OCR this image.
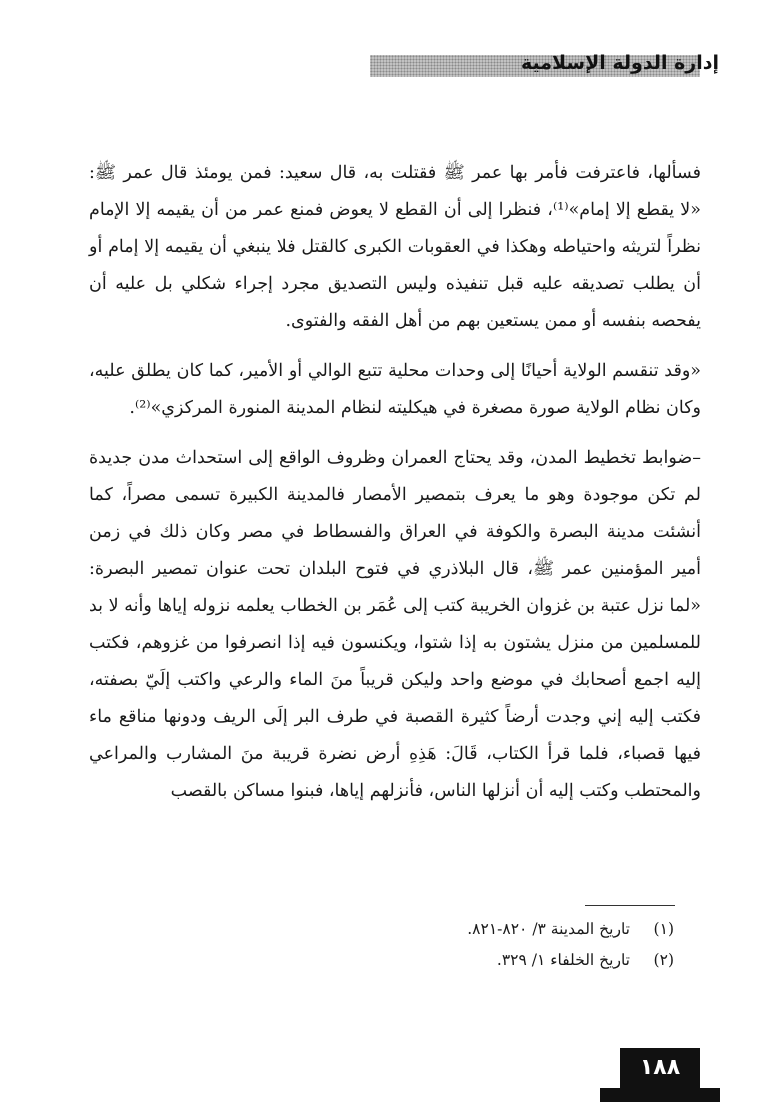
إدارة الدولة الإسلامية

فسألها، فاعترفت فأمر بها عمر ﷺ فقتلت به، قال سعيد: فمن يومئذ قال عمر ﷺ: «لا يقطع إلا إمام»⁽¹⁾، فنظرا إلى أن القطع لا يعوض فمنع عمر من أن يقيمه إلا الإمام نظراً لتريثه واحتياطه وهكذا في العقوبات الكبرى كالقتل فلا ينبغي أن يقيمه إلا إمام أو أن يطلب تصديقه عليه قبل تنفيذه وليس التصديق مجرد إجراء شكلي بل عليه أن يفحصه بنفسه أو ممن يستعين بهم من أهل الفقه والفتوى.

«وقد تنقسم الولاية أحيانًا إلى وحدات محلية تتبع الوالي أو الأمير، كما كان يطلق عليه، وكان نظام الولاية صورة مصغرة في هيكليته لنظام المدينة المنورة المركزي»⁽²⁾.

–ضوابط تخطيط المدن، وقد يحتاج العمران وظروف الواقع إلى استحداث مدن جديدة لم تكن موجودة وهو ما يعرف بتمصير الأمصار فالمدينة الكبيرة تسمى مصراً، كما أنشئت مدينة البصرة والكوفة في العراق والفسطاط في مصر وكان ذلك في زمن أمير المؤمنين عمر ﷺ، قال البلاذري في فتوح البلدان تحت عنوان تمصير البصرة: «لما نزل عتبة بن غزوان الخريبة كتب إلى عُمَر بن الخطاب يعلمه نزوله إياها وأنه لا بد للمسلمين من منزل يشتون به إذا شتوا، ويكنسون فيه إذا انصرفوا من غزوهم، فكتب إليه اجمع أصحابك في موضع واحد وليكن قريباً منَ الماء والرعي واكتب إلَيّ بصفته، فكتب إليه إني وجدت أرضاً كثيرة القصبة في طرف البر إلَى الريف ودونها مناقع ماء فيها قصباء، فلما قرأ الكتاب، قَالَ: هَذِهِ أرض نضرة قريبة منَ المشارب والمراعي والمحتطب وكتب إليه أن أنزلها الناس، فأنزلهم إياها، فبنوا مساكن بالقصب

(١)تاريخ المدينة ٣/ ٨٢٠-٨٢١.
(٢)تاريخ الخلفاء ١/ ٣٢٩.
١٨٨
